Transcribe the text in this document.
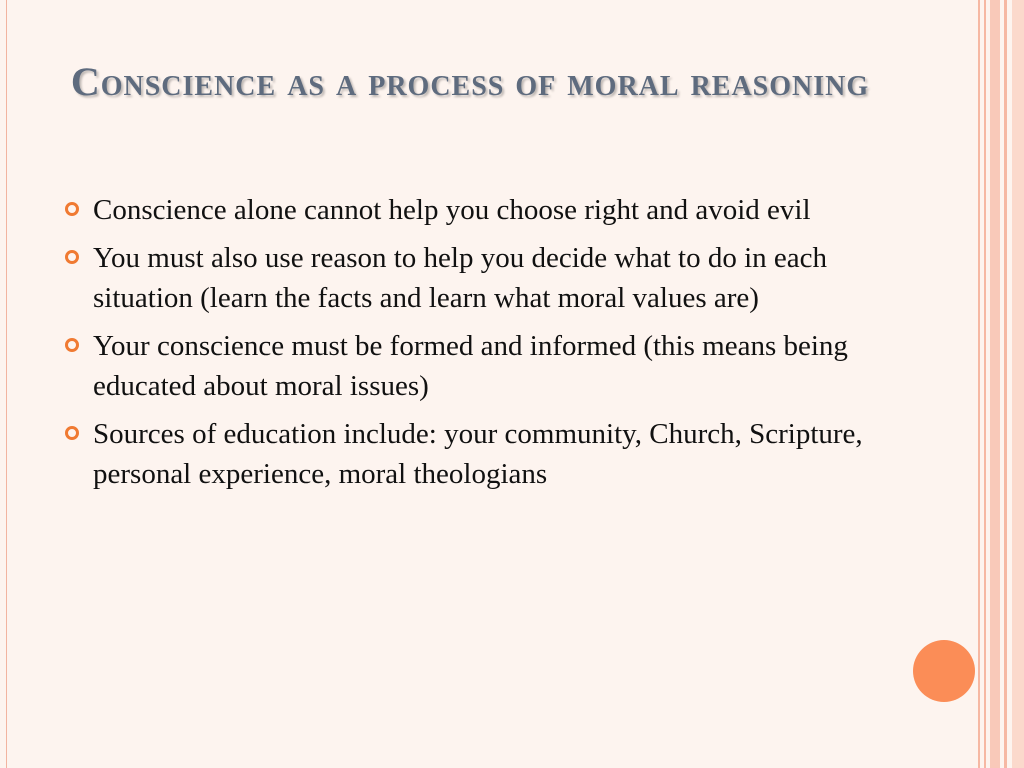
Conscience as a process of moral reasoning
Conscience alone cannot help you choose right and avoid evil
You must also use reason to help you decide what to do in each situation (learn the facts and learn what moral values are)
Your conscience must be formed and informed (this means being educated about moral issues)
Sources of education include: your community, Church, Scripture, personal experience, moral theologians
